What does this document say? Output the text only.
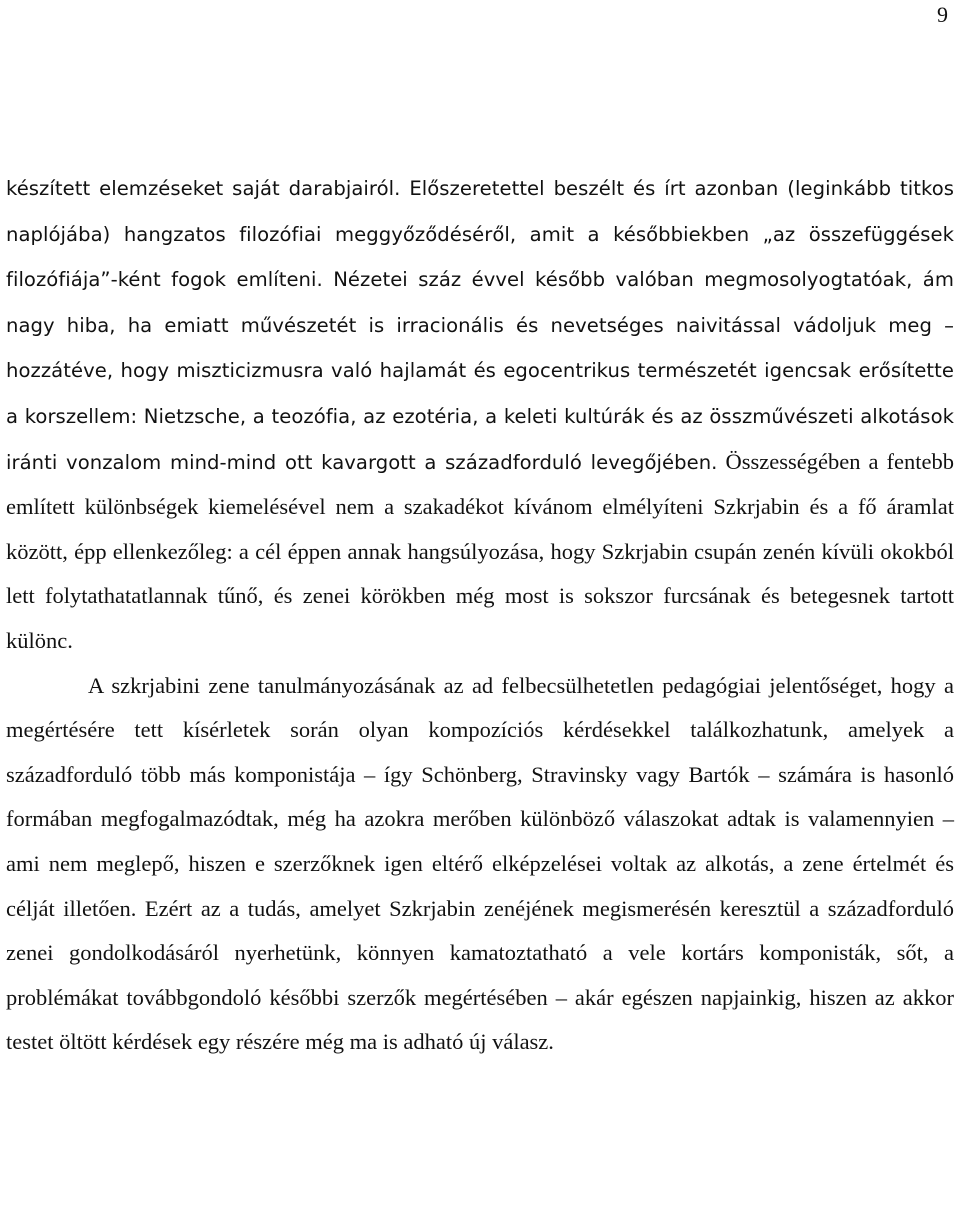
9

készített elemzéseket saját darabjairól. Előszeretettel beszélt és írt azonban (leginkább titkos naplójába) hangzatos filozófiai meggyőződéséről, amit a későbbiekben „az összefüggések filozófiája”-ként fogok említeni. Nézetei száz évvel később valóban megmosolyogtatóak, ám nagy hiba, ha emiatt művészetét is irracionális és nevetséges naivitással vádoljuk meg – hozzátéve, hogy miszticizmusra való hajlamát és egocentrikus természetét igencsak erősítette a korszellem: Nietzsche, a teozófia, az ezotéria, a keleti kultúrák és az összművészeti alkotások iránti vonzalom mind-mind ott kavargott a századforduló levegőjében. Összességében a fentebb említett különbségek kiemelésével nem a szakadékot kívánom elmélyíteni Szkrjabin és a fő áramlat között, épp ellenkezőleg: a cél éppen annak hangsúlyozása, hogy Szkrjabin csupán zenén kívüli okokból lett folytathatatlannak tűnő, és zenei körökben még most is sokszor furcsának és betegesnek tartott különc.

A szkrjabini zene tanulmányozásának az ad felbecsülhetetlen pedagógiai jelentőséget, hogy a megértésére tett kísérletek során olyan kompozíciós kérdésekkel találkozhatunk, amelyek a századforduló több más komponistája – így Schönberg, Stravinsky vagy Bartók – számára is hasonló formában megfogalmazódtak, még ha azokra merőben különböző válaszokat adtak is valamennyien – ami nem meglepő, hiszen e szerzőknek igen eltérő elképzelései voltak az alkotás, a zene értelmét és célját illetően. Ezért az a tudás, amelyet Szkrjabin zenéjének megismerésén keresztül a századforduló zenei gondolkodásáról nyerhetünk, könnyen kamatoztatható a vele kortárs komponisták, sőt, a problémákat továbbgondoló későbbi szerzők megértésében – akár egészen napjainkig, hiszen az akkor testet öltött kérdések egy részére még ma is adható új válasz.
